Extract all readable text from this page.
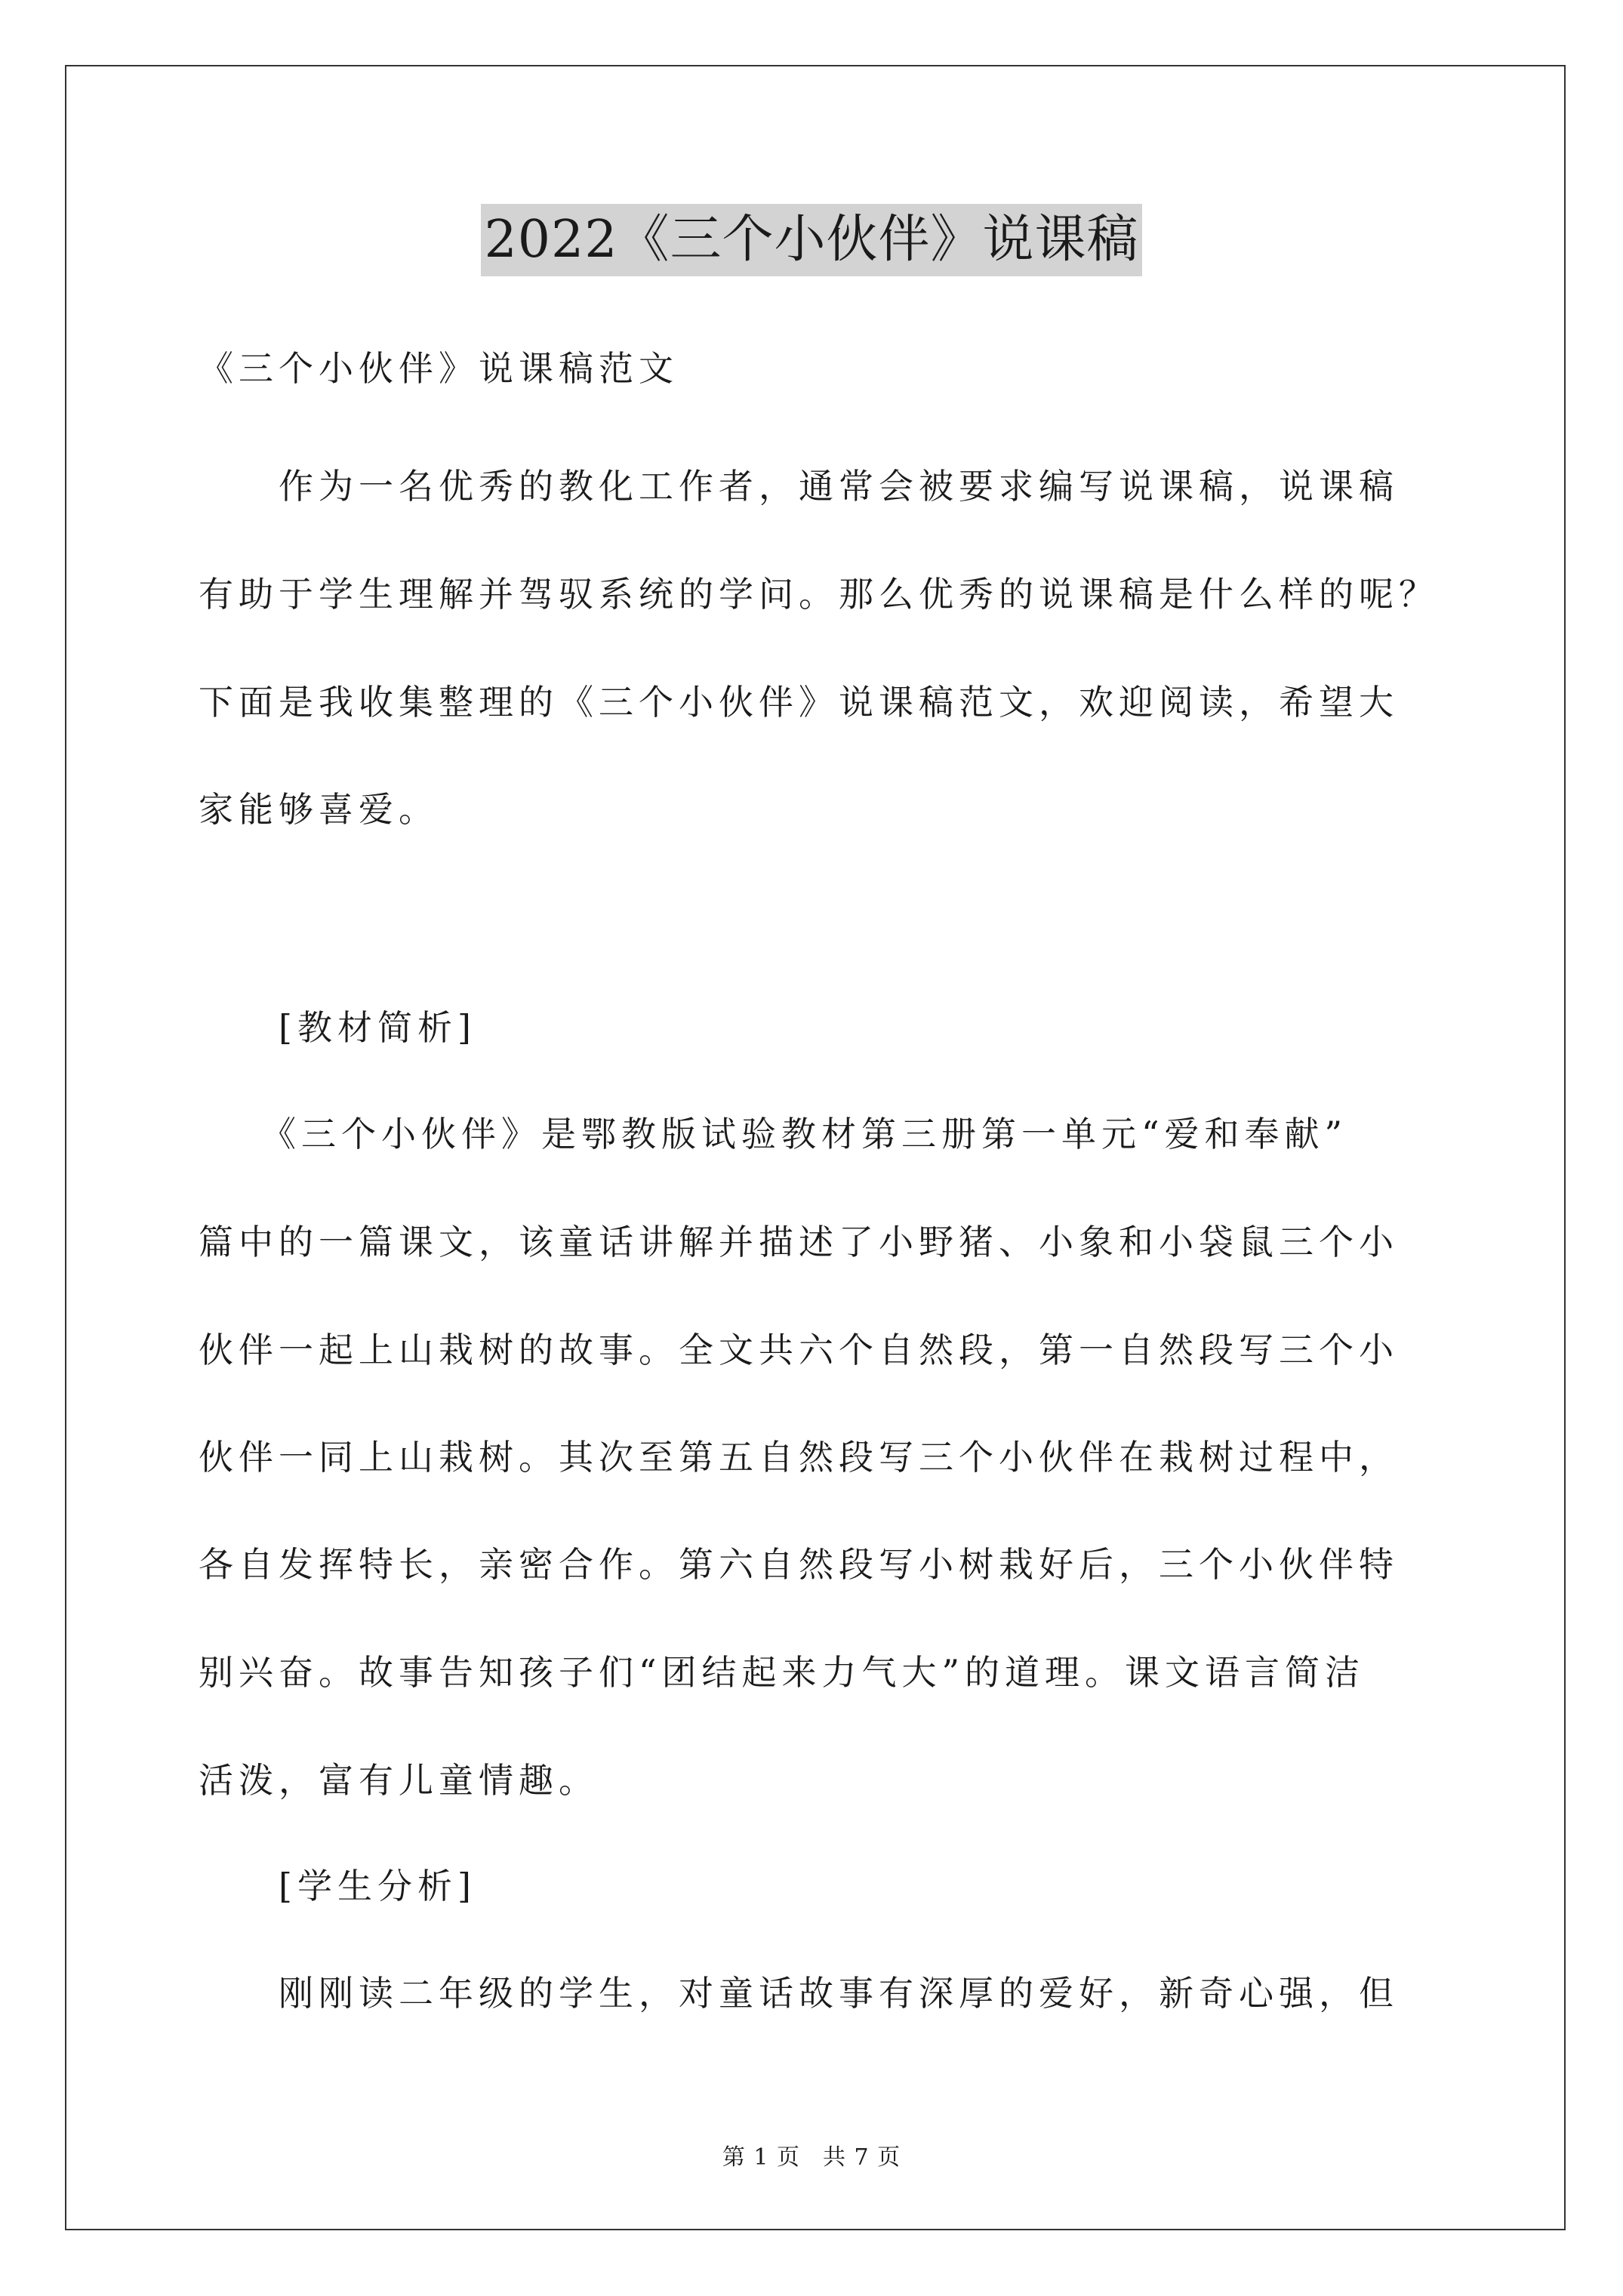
2022《三个小伙伴》说课稿
《三个小伙伴》说课稿范文
　　作为一名优秀的教化工作者，通常会被要求编写说课稿，说课稿
有助于学生理解并驾驭系统的学问。那么优秀的说课稿是什么样的呢？
下面是我收集整理的《三个小伙伴》说课稿范文，欢迎阅读，希望大
家能够喜爱。
　　[教材简析]
　　《三个小伙伴》是鄂教版试验教材第三册第一单元“爱和奉献”
篇中的一篇课文，该童话讲解并描述了小野猪、小象和小袋鼠三个小
伙伴一起上山栽树的故事。全文共六个自然段，第一自然段写三个小
伙伴一同上山栽树。其次至第五自然段写三个小伙伴在栽树过程中，
各自发挥特长，亲密合作。第六自然段写小树栽好后，三个小伙伴特
别兴奋。故事告知孩子们“团结起来力气大”的道理。课文语言简洁
活泼，富有儿童情趣。
　　[学生分析]
　　刚刚读二年级的学生，对童话故事有深厚的爱好，新奇心强，但
第 1 页 共 7 页
